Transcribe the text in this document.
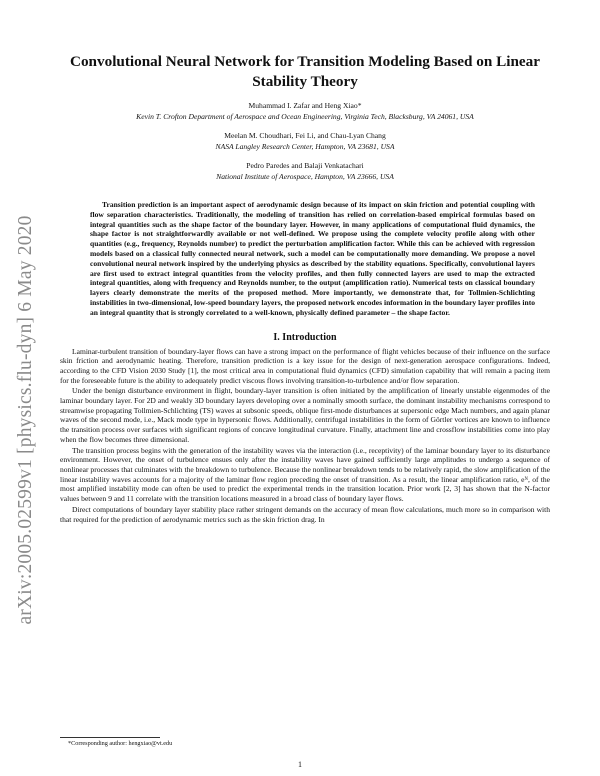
arXiv:2005.02599v1 [physics.flu-dyn] 6 May 2020
Convolutional Neural Network for Transition Modeling Based on Linear Stability Theory
Muhammad I. Zafar and Heng Xiao*
Kevin T. Crofton Department of Aerospace and Ocean Engineering, Virginia Tech, Blacksburg, VA 24061, USA
Meelan M. Choudhari, Fei Li, and Chau-Lyan Chang
NASA Langley Research Center, Hampton, VA 23681, USA
Pedro Paredes and Balaji Venkatachari
National Institute of Aerospace, Hampton, VA 23666, USA
Transition prediction is an important aspect of aerodynamic design because of its impact on skin friction and potential coupling with flow separation characteristics. Traditionally, the modeling of transition has relied on correlation-based empirical formulas based on integral quantities such as the shape factor of the boundary layer. However, in many applications of computational fluid dynamics, the shape factor is not straightforwardly available or not well-defined. We propose using the complete velocity profile along with other quantities (e.g., frequency, Reynolds number) to predict the perturbation amplification factor. While this can be achieved with regression models based on a classical fully connected neural network, such a model can be computationally more demanding. We propose a novel convolutional neural network inspired by the underlying physics as described by the stability equations. Specifically, convolutional layers are first used to extract integral quantities from the velocity profiles, and then fully connected layers are used to map the extracted integral quantities, along with frequency and Reynolds number, to the output (amplification ratio). Numerical tests on classical boundary layers clearly demonstrate the merits of the proposed method. More importantly, we demonstrate that, for Tollmien-Schlichting instabilities in two-dimensional, low-speed boundary layers, the proposed network encodes information in the boundary layer profiles into an integral quantity that is strongly correlated to a well-known, physically defined parameter – the shape factor.
I. Introduction

Laminar-turbulent transition of boundary-layer flows can have a strong impact on the performance of flight vehicles because of their influence on the surface skin friction and aerodynamic heating. Therefore, transition prediction is a key issue for the design of next-generation aerospace configurations. Indeed, according to the CFD Vision 2030 Study [1], the most critical area in computational fluid dynamics (CFD) simulation capability that will remain a pacing item for the foreseeable future is the ability to adequately predict viscous flows involving transition-to-turbulence and/or flow separation.

Under the benign disturbance environment in flight, boundary-layer transition is often initiated by the amplification of linearly unstable eigenmodes of the laminar boundary layer. For 2D and weakly 3D boundary layers developing over a nominally smooth surface, the dominant instability mechanisms correspond to streamwise propagating Tollmien-Schlichting (TS) waves at subsonic speeds, oblique first-mode disturbances at supersonic edge Mach numbers, and again planar waves of the second mode, i.e., Mack mode type in hypersonic flows. Additionally, centrifugal instabilities in the form of Görtler vortices are known to influence the transition process over surfaces with significant regions of concave longitudinal curvature. Finally, attachment line and crossflow instabilities come into play when the flow becomes three dimensional.

The transition process begins with the generation of the instability waves via the interaction (i.e., receptivity) of the laminar boundary layer to its disturbance environment. However, the onset of turbulence ensues only after the instability waves have gained sufficiently large amplitudes to undergo a sequence of nonlinear processes that culminates with the breakdown to turbulence. Because the nonlinear breakdown tends to be relatively rapid, the slow amplification of the linear instability waves accounts for a majority of the laminar flow region preceding the onset of transition. As a result, the linear amplification ratio, eᴺ, of the most amplified instability mode can often be used to predict the experimental trends in the transition location. Prior work [2, 3] has shown that the N-factor values between 9 and 11 correlate with the transition locations measured in a broad class of boundary layer flows.

Direct computations of boundary layer stability place rather stringent demands on the accuracy of mean flow calculations, much more so in comparison with that required for the prediction of aerodynamic metrics such as the skin friction drag. In

*Corresponding author: hengxiao@vt.edu
1
